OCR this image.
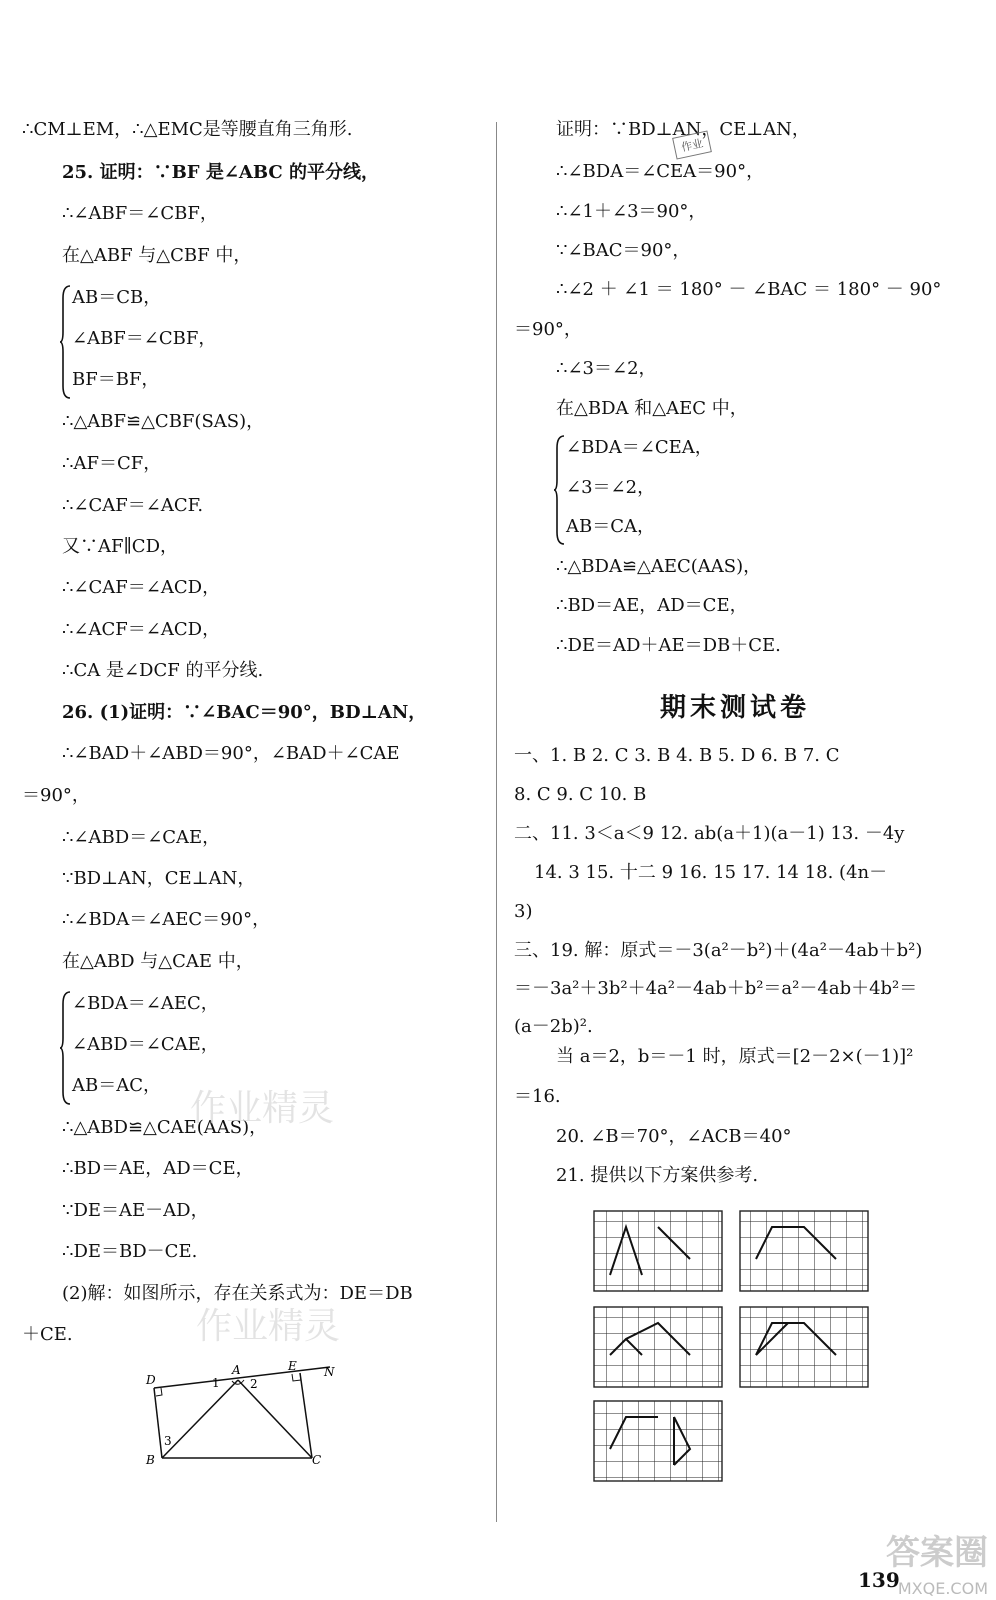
∴CM⊥EM，∴△EMC是等腰直角三角形.
25. 证明：∵BF 是∠ABC 的平分线，
∴∠ABF＝∠CBF，
在△ABF 与△CBF 中，
AB＝CB，
∠ABF＝∠CBF，
BF＝BF，
∴△ABF≌△CBF(SAS)，
∴AF＝CF，
∴∠CAF＝∠ACF.
又∵AF∥CD，
∴∠CAF＝∠ACD，
∴∠ACF＝∠ACD，
∴CA 是∠DCF 的平分线.
26. (1)证明：∵∠BAC＝90°，BD⊥AN，
∴∠BAD＋∠ABD＝90°，∠BAD＋∠CAE
＝90°，
∴∠ABD＝∠CAE，
∵BD⊥AN，CE⊥AN，
∴∠BDA＝∠AEC＝90°，
在△ABD 与△CAE 中，
∠BDA＝∠AEC，
∠ABD＝∠CAE，
AB＝AC，
∴△ABD≌△CAE(AAS)，
∴BD＝AE，AD＝CE，
∵DE＝AE－AD，
∴DE＝BD－CE.
(2)解：如图所示，存在关系式为：DE＝DB
＋CE.
作业精灵
作业精灵
D
A	E N
B	C
1	2
3
证明：∵BD⊥AN，CE⊥AN，
∴∠BDA＝∠CEA＝90°，
∴∠1＋∠3＝90°，
∵∠BAC＝90°，
∴∠2 ＋ ∠1 ＝ 180° － ∠BAC ＝ 180° － 90°
＝90°，
∴∠3＝∠2，
在△BDA 和△AEC 中，
∠BDA＝∠CEA，
∠3＝∠2，
AB＝CA，
∴△BDA≌△AEC(AAS)，
∴BD＝AE，AD＝CE，
∴DE＝AD＋AE＝DB＋CE.
作业
期末测试卷
一、1. B 2. C 3. B 4. B 5. D 6. B 7. C
8. C 9. C 10. B
二、11. 3＜a＜9 12. ab(a＋1)(a－1) 13. －4y
14. 3 15. 十二 9 16. 15 17. 14 18. (4n－
3)
三、19. 解：原式＝－3(a²－b²)＋(4a²－4ab＋b²)
＝－3a²＋3b²＋4a²－4ab＋b²＝a²－4ab＋4b²＝
(a－2b)².
当 a＝2，b＝－1 时，原式＝[2－2×(－1)]²
＝16.
20. ∠B＝70°，∠ACB＝40°
21. 提供以下方案供参考.
139
答案圈
MXQE.COM
